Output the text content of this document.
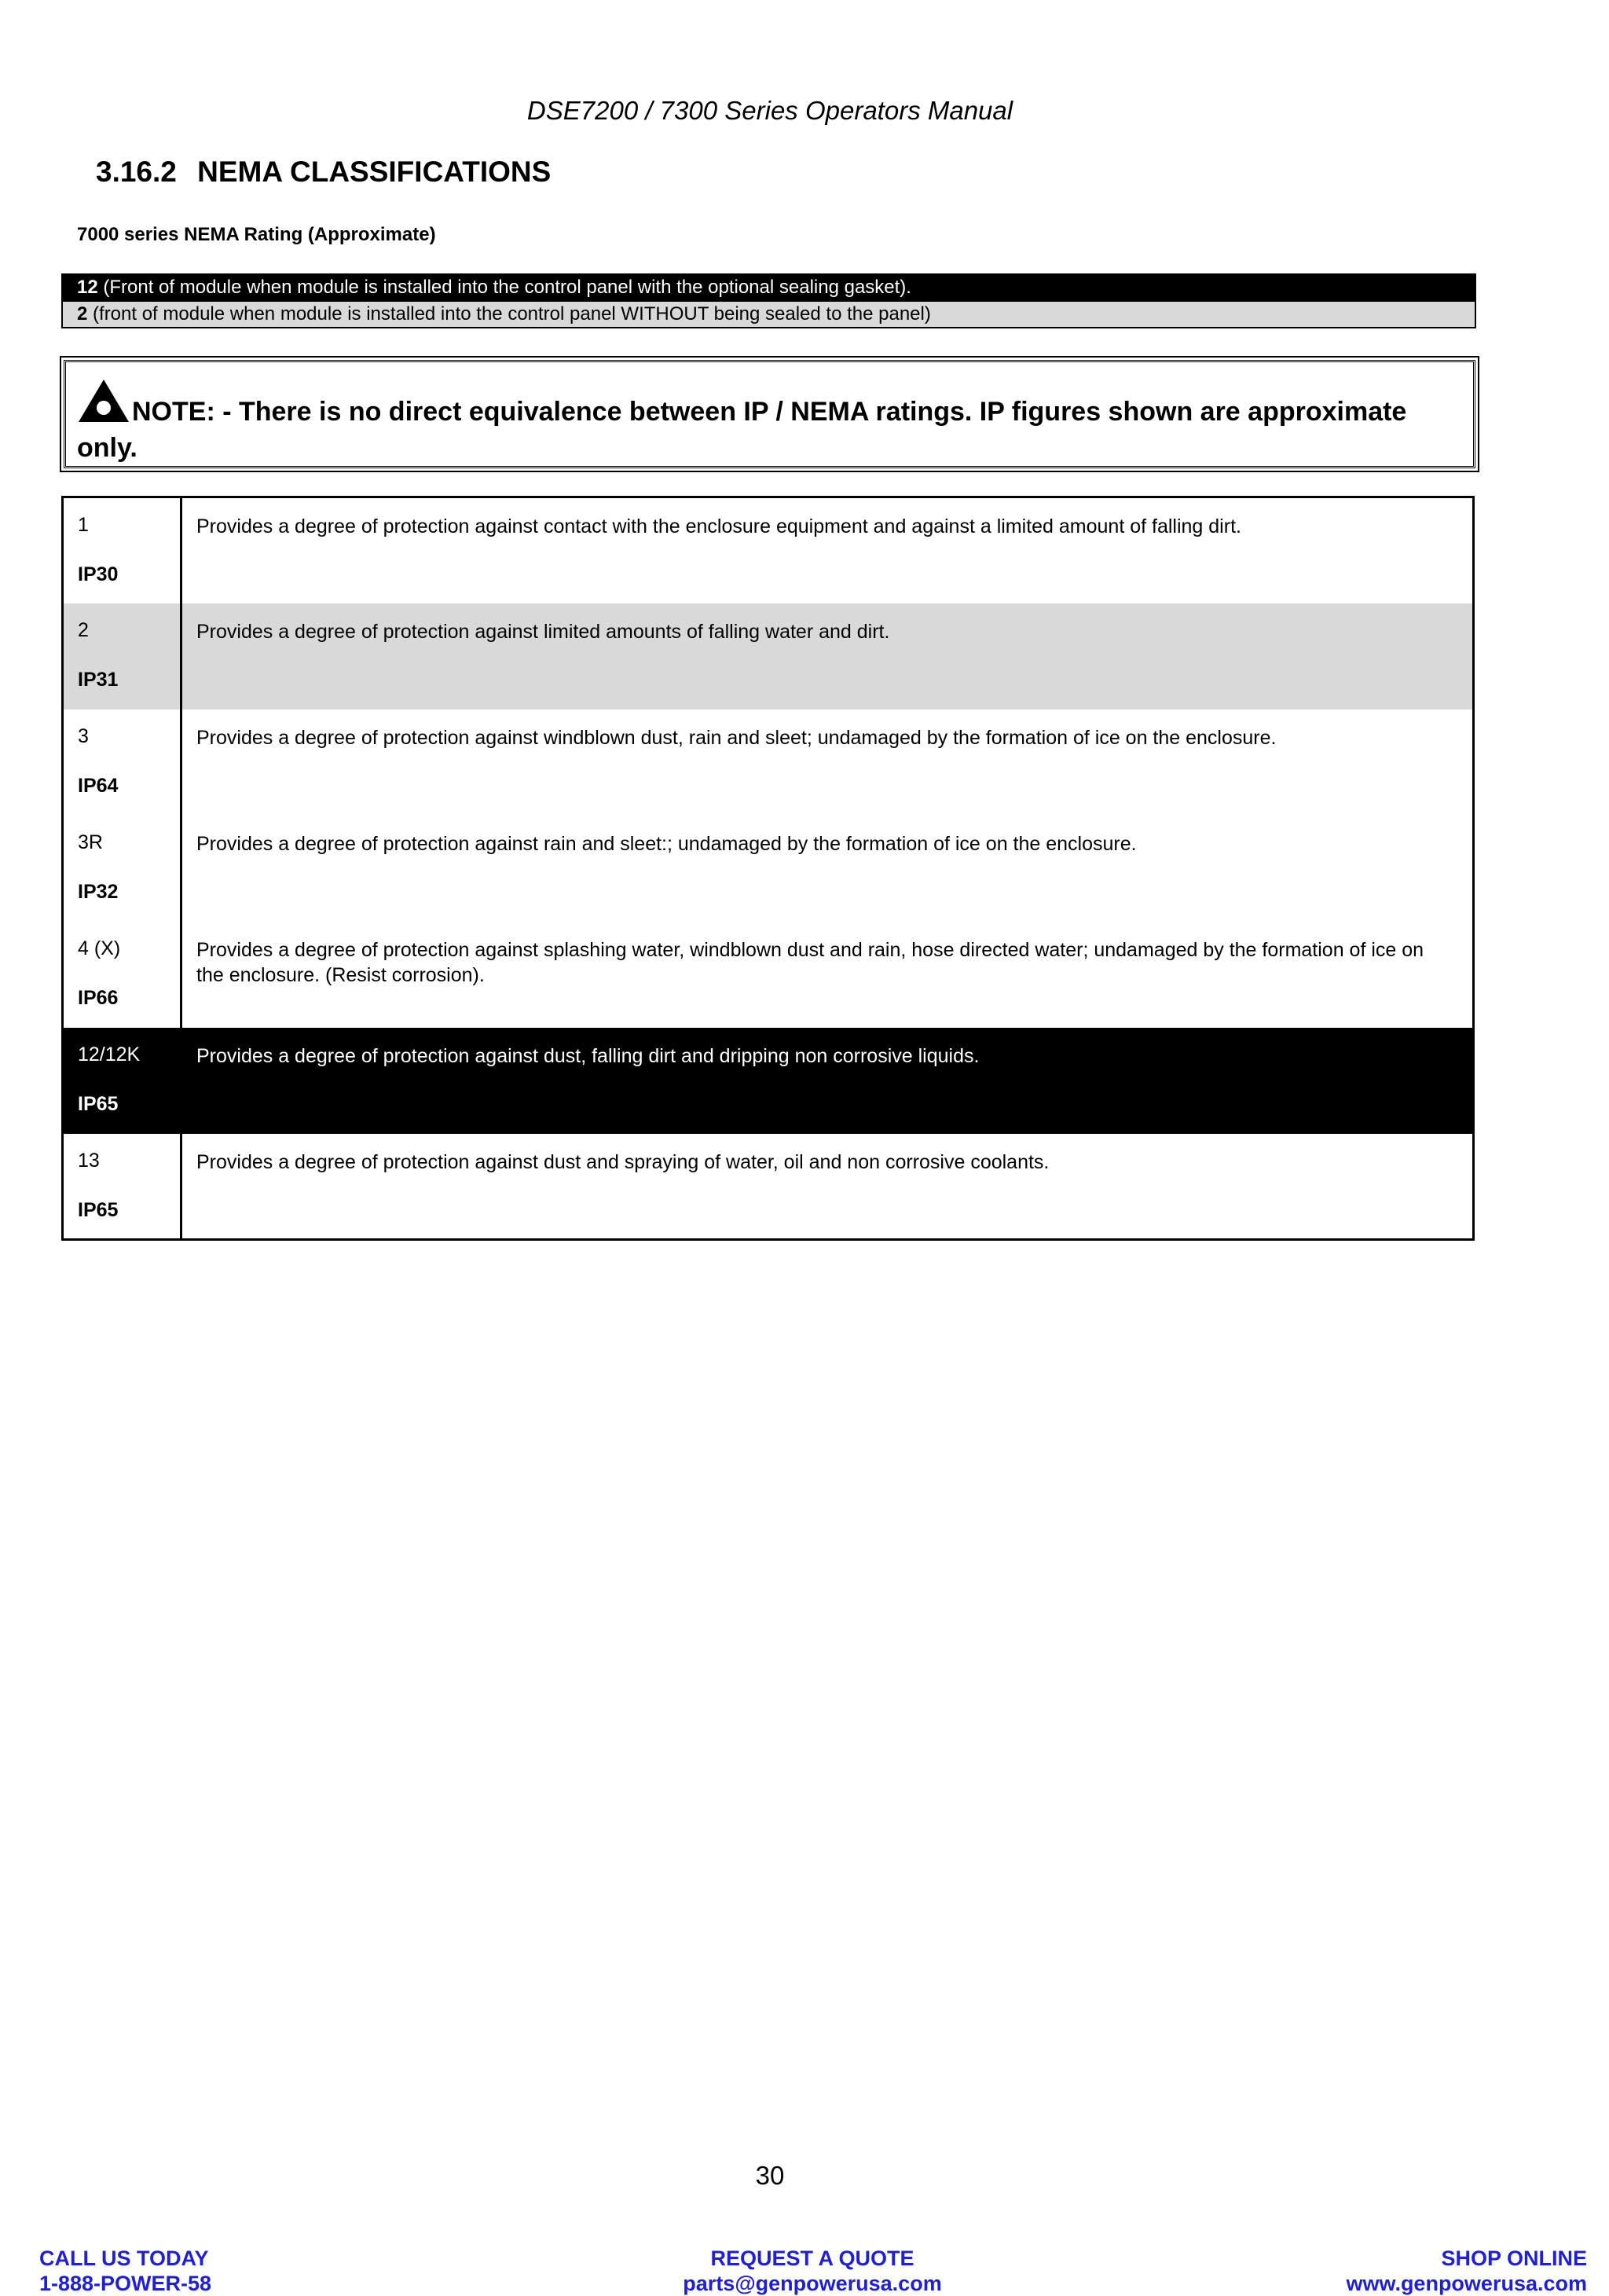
DSE7200 / 7300 Series Operators Manual
3.16.2 NEMA CLASSIFICATIONS
7000 series NEMA Rating (Approximate)
12 (Front of module when module is installed into the control panel with the optional sealing gasket).
2 (front of module when module is installed into the control panel WITHOUT being sealed to the panel)
NOTE: - There is no direct equivalence between IP / NEMA ratings. IP figures shown are approximate only.
1
IP30	Provides a degree of protection against contact with the enclosure equipment and against a limited amount of falling dirt.

2
IP31	Provides a degree of protection against limited amounts of falling water and dirt.

3
IP64	Provides a degree of protection against windblown dust, rain and sleet; undamaged by the formation of ice on the enclosure.

3R
IP32	Provides a degree of protection against rain and sleet:; undamaged by the formation of ice on the enclosure.

4 (X)
IP66	Provides a degree of protection against splashing water, windblown dust and rain, hose directed water; undamaged by the formation of ice on the enclosure. (Resist corrosion).

12/12K
IP65	Provides a degree of protection against dust, falling dirt and dripping non corrosive liquids.

13
IP65	Provides a degree of protection against dust and spraying of water, oil and non corrosive coolants.
30
CALL US TODAY
1-888-POWER-58
REQUEST A QUOTE
parts@genpowerusa.com
SHOP ONLINE
www.genpowerusa.com
